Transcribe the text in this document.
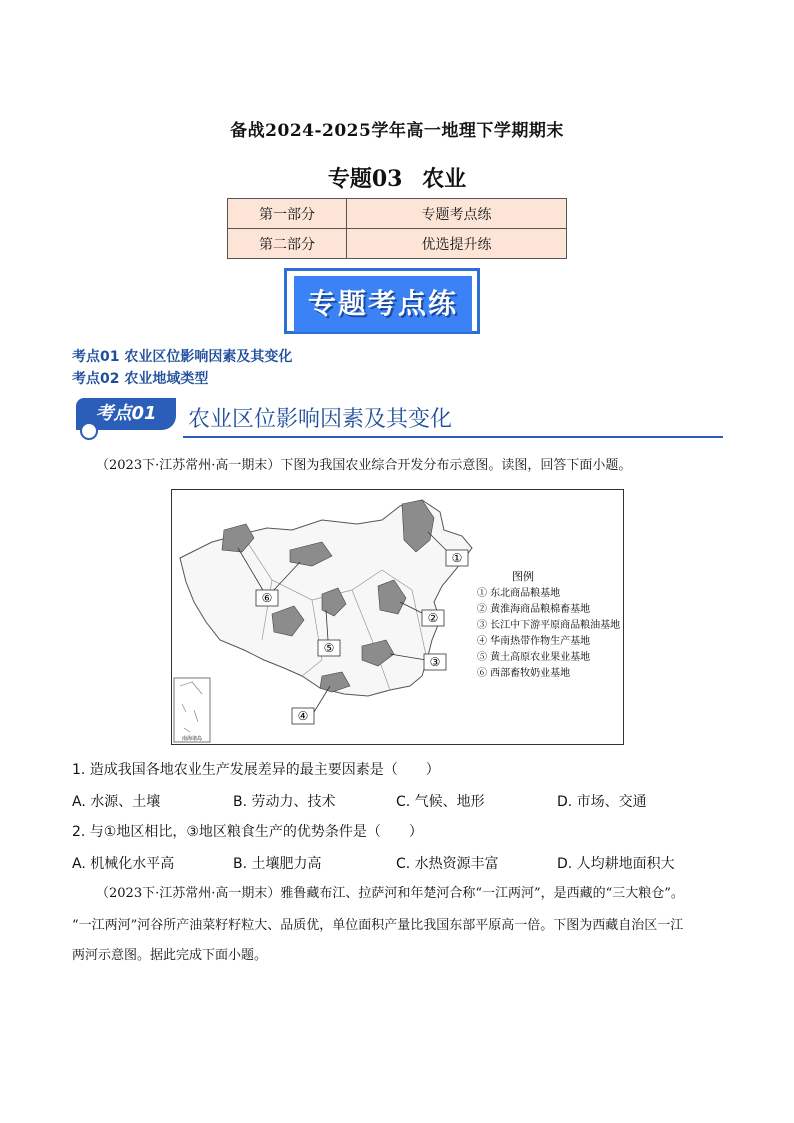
备战2024-2025学年高一地理下学期期末
专题03 农业
第一部分	专题考点练
第二部分	优选提升练
专题考点练
考点01 农业区位影响因素及其变化
考点02 农业地域类型
考点01	农业区位影响因素及其变化
（2023下·江苏常州·高一期末）下图为我国农业综合开发分布示意图。读图，回答下面小题。
⑥
①
②
③
④
⑤
图例
① 东北商品粮基地
② 黄淮海商品粮棉畜基地
③ 长江中下游平原商品粮油基地
④ 华南热带作物生产基地
⑤ 黄土高原农业果业基地
⑥ 西部畜牧奶业基地
南海诸岛
1. 造成我国各地农业生产发展差异的最主要因素是（　　）
A. 水源、土壤	B. 劳动力、技术	C. 气候、地形	D. 市场、交通
2. 与①地区相比，③地区粮食生产的优势条件是（　　）
A. 机械化水平高	B. 土壤肥力高	C. 水热资源丰富	D. 人均耕地面积大
（2023下·江苏常州·高一期末）雅鲁藏布江、拉萨河和年楚河合称“一江两河”，是西藏的“三大粮仓”。
“一江两河”河谷所产油菜籽籽粒大、品质优，单位面积产量比我国东部平原高一倍。下图为西藏自治区一江
两河示意图。据此完成下面小题。
